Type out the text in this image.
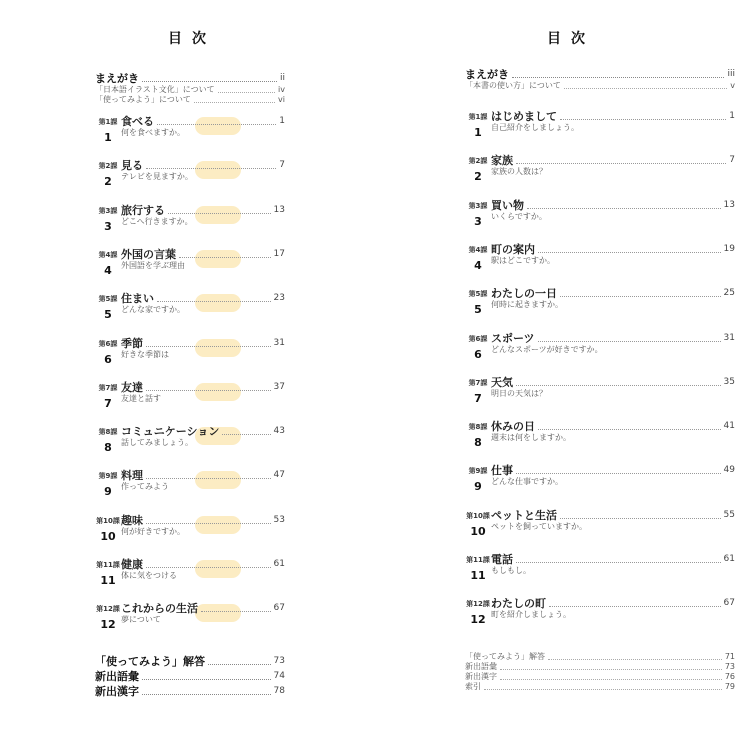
目次
まえがき	ii
「日本語イラスト文化」について	iv
「使ってみよう」について	vi
第1課
1
食べる	1
何を食べますか。
第2課
2
見る	7
テレビを見ますか。
第3課
3
旅行する	13
どこへ行きますか。
第4課
4
外国の言葉	17
外国語を学ぶ理由
第5課
5
住まい	23
どんな家ですか。
第6課
6
季節	31
好きな季節は
第7課
7
友達	37
友達と話す
第8課
8
コミュニケーション	43
話してみましょう。
第9課
9
料理	47
作ってみよう
第10課
10
趣味	53
何が好きですか。
第11課
11
健康	61
体に気をつける
第12課
12
これからの生活	67
夢について
「使ってみよう」解答	73
新出語彙	74
新出漢字	78
目次
まえがき	iii
「本書の使い方」について	v
第1課
1
はじめまして	1
自己紹介をしましょう。
第2課
2
家族	7
家族の人数は？
第3課
3
買い物	13
いくらですか。
第4課
4
町の案内	19
駅はどこですか。
第5課
5
わたしの一日	25
何時に起きますか。
第6課
6
スポーツ	31
どんなスポーツが好きですか。
第7課
7
天気	35
明日の天気は？
第8課
8
休みの日	41
週末は何をしますか。
第9課
9
仕事	49
どんな仕事ですか。
第10課
10
ペットと生活	55
ペットを飼っていますか。
第11課
11
電話	61
もしもし。
第12課
12
わたしの町	67
町を紹介しましょう。
「使ってみよう」解答	71
新出語彙	73
新出漢字	76
索引	79
